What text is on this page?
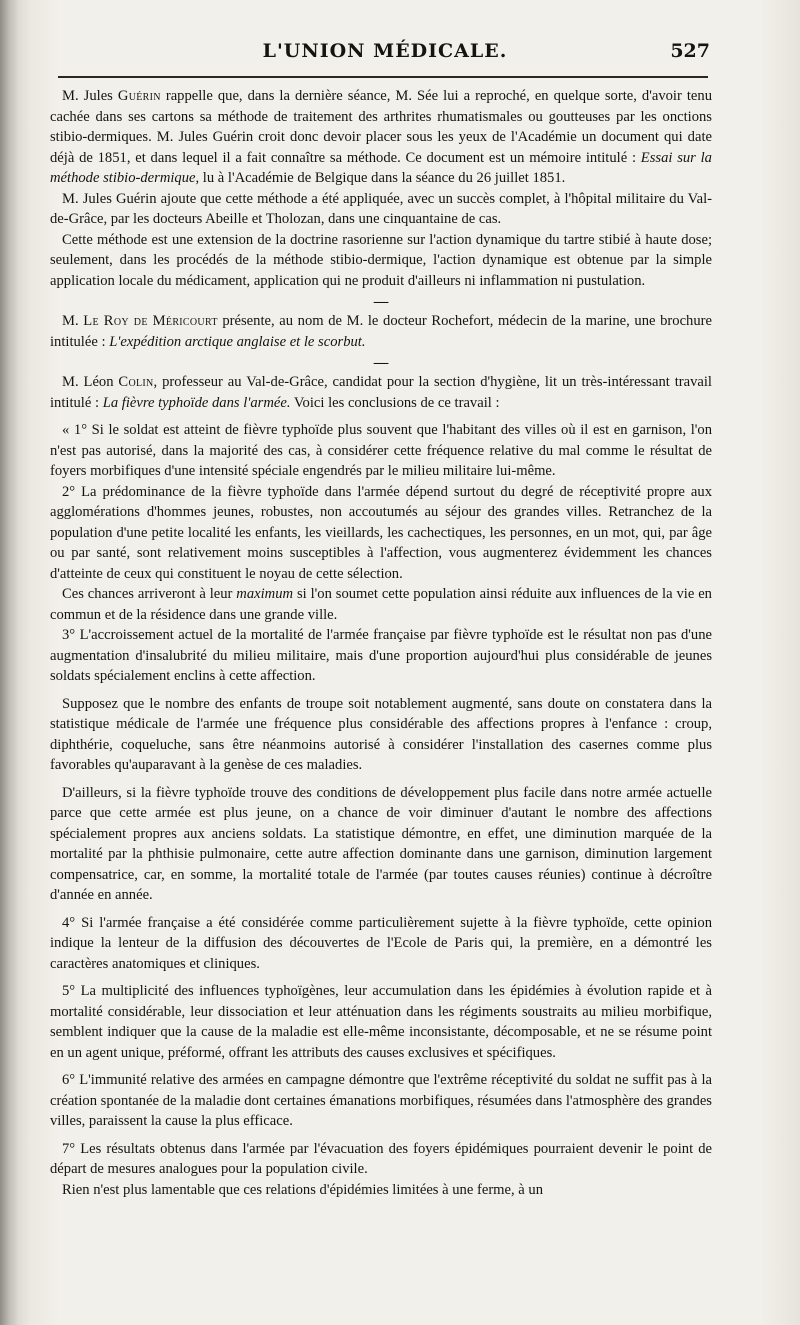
L'UNION MÉDICALE.	527

M. Jules Guérin rappelle que, dans la dernière séance, M. Sée lui a reproché, en quelque sorte, d'avoir tenu cachée dans ses cartons sa méthode de traitement des arthrites rhumatismales ou goutteuses par les onctions stibio-dermiques. M. Jules Guérin croit donc devoir placer sous les yeux de l'Académie un document qui date déjà de 1851, et dans lequel il a fait connaître sa méthode. Ce document est un mémoire intitulé : Essai sur la méthode stibio-dermique, lu à l'Académie de Belgique dans la séance du 26 juillet 1851.

M. Jules Guérin ajoute que cette méthode a été appliquée, avec un succès complet, à l'hôpital militaire du Val-de-Grâce, par les docteurs Abeille et Tholozan, dans une cinquantaine de cas.

Cette méthode est une extension de la doctrine rasorienne sur l'action dynamique du tartre stibié à haute dose; seulement, dans les procédés de la méthode stibio-dermique, l'action dynamique est obtenue par la simple application locale du médicament, application qui ne produit d'ailleurs ni inflammation ni pustulation.

—

M. Le Roy de Méricourt présente, au nom de M. le docteur Rochefort, médecin de la marine, une brochure intitulée : L'expédition arctique anglaise et le scorbut.

—

M. Léon Colin, professeur au Val-de-Grâce, candidat pour la section d'hygiène, lit un très-intéressant travail intitulé : La fièvre typhoïde dans l'armée. Voici les conclusions de ce travail :

« 1° Si le soldat est atteint de fièvre typhoïde plus souvent que l'habitant des villes où il est en garnison, l'on n'est pas autorisé, dans la majorité des cas, à considérer cette fréquence relative du mal comme le résultat de foyers morbifiques d'une intensité spéciale engendrés par le milieu militaire lui-même.

2° La prédominance de la fièvre typhoïde dans l'armée dépend surtout du degré de réceptivité propre aux agglomérations d'hommes jeunes, robustes, non accoutumés au séjour des grandes villes. Retranchez de la population d'une petite localité les enfants, les vieillards, les cachectiques, les personnes, en un mot, qui, par âge ou par santé, sont relativement moins susceptibles à l'affection, vous augmenterez évidemment les chances d'atteinte de ceux qui constituent le noyau de cette sélection.

Ces chances arriveront à leur maximum si l'on soumet cette population ainsi réduite aux influences de la vie en commun et de la résidence dans une grande ville.

3° L'accroissement actuel de la mortalité de l'armée française par fièvre typhoïde est le résultat non pas d'une augmentation d'insalubrité du milieu militaire, mais d'une proportion aujourd'hui plus considérable de jeunes soldats spécialement enclins à cette affection.

Supposez que le nombre des enfants de troupe soit notablement augmenté, sans doute on constatera dans la statistique médicale de l'armée une fréquence plus considérable des affections propres à l'enfance : croup, diphthérie, coqueluche, sans être néanmoins autorisé à considérer l'installation des casernes comme plus favorables qu'auparavant à la genèse de ces maladies.

D'ailleurs, si la fièvre typhoïde trouve des conditions de développement plus facile dans notre armée actuelle parce que cette armée est plus jeune, on a chance de voir diminuer d'autant le nombre des affections spécialement propres aux anciens soldats. La statistique démontre, en effet, une diminution marquée de la mortalité par la phthisie pulmonaire, cette autre affection dominante dans une garnison, diminution largement compensatrice, car, en somme, la mortalité totale de l'armée (par toutes causes réunies) continue à décroître d'année en année.

4° Si l'armée française a été considérée comme particulièrement sujette à la fièvre typhoïde, cette opinion indique la lenteur de la diffusion des découvertes de l'Ecole de Paris qui, la première, en a démontré les caractères anatomiques et cliniques.

5° La multiplicité des influences typhoïgènes, leur accumulation dans les épidémies à évolution rapide et à mortalité considérable, leur dissociation et leur atténuation dans les régiments soustraits au milieu morbifique, semblent indiquer que la cause de la maladie est elle-même inconsistante, décomposable, et ne se résume point en un agent unique, préformé, offrant les attributs des causes exclusives et spécifiques.

6° L'immunité relative des armées en campagne démontre que l'extrême réceptivité du soldat ne suffit pas à la création spontanée de la maladie dont certaines émanations morbifiques, résumées dans l'atmosphère des grandes villes, paraissent la cause la plus efficace.

7° Les résultats obtenus dans l'armée par l'évacuation des foyers épidémiques pourraient devenir le point de départ de mesures analogues pour la population civile.

Rien n'est plus lamentable que ces relations d'épidémies limitées à une ferme, à un
